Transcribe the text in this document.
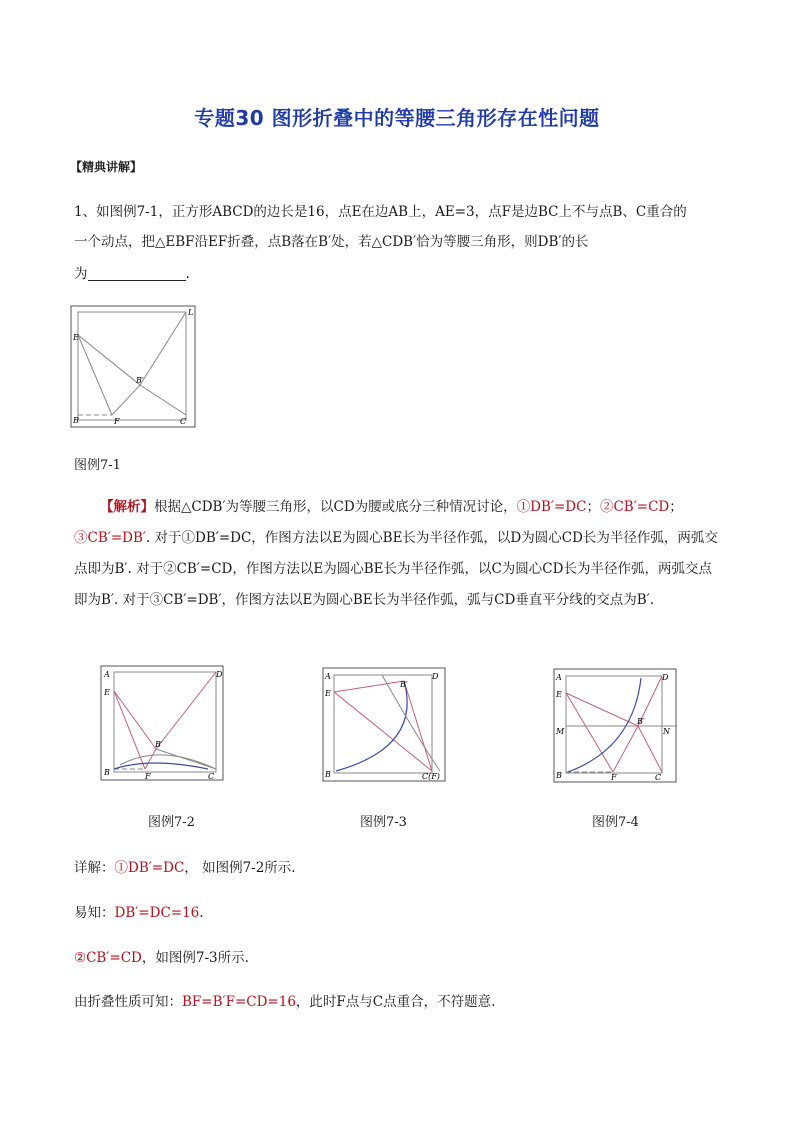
专题30 图形折叠中的等腰三角形存在性问题
【精典讲解】
1、如图例7-1，正方形ABCD的边长是16，点E在边AB上，AE=3，点F是边BC上不与点B、C重合的
一个动点，把△EBF沿EF折叠，点B落在B′处，若△CDB′恰为等腰三角形，则DB′的长
为	.
E
B	F	C
L
B′
图例7-1
【解析】根据△CDB′为等腰三角形，以CD为腰或底分三种情况讨论，①DB′=DC；②CB′=CD；③CB′=DB′. 对于①DB′=DC，作图方法以E为圆心BE长为半径作弧，以D为圆心CD长为半径作弧，两弧交点即为B′. 对于②CB′=CD，作图方法以E为圆心BE长为半径作弧，以C为圆心CD长为半径作弧，两弧交点即为B′. 对于③CB′=DB′，作图方法以E为圆心BE长为半径作弧，弧与CD垂直平分线的交点为B′.
A
E
B	F	C
D
B′
图例7-2
A
E
B	C(F)
D
B′
图例7-3
A
E
M	N
B	F	C
D
B′
图例7-4
详解：①DB′=DC， 如图例7-2所示.
易知：DB′=DC=16.
②CB′=CD，如图例7-3所示.
由折叠性质可知：BF=B′F=CD=16，此时F点与C点重合，不符题意.
